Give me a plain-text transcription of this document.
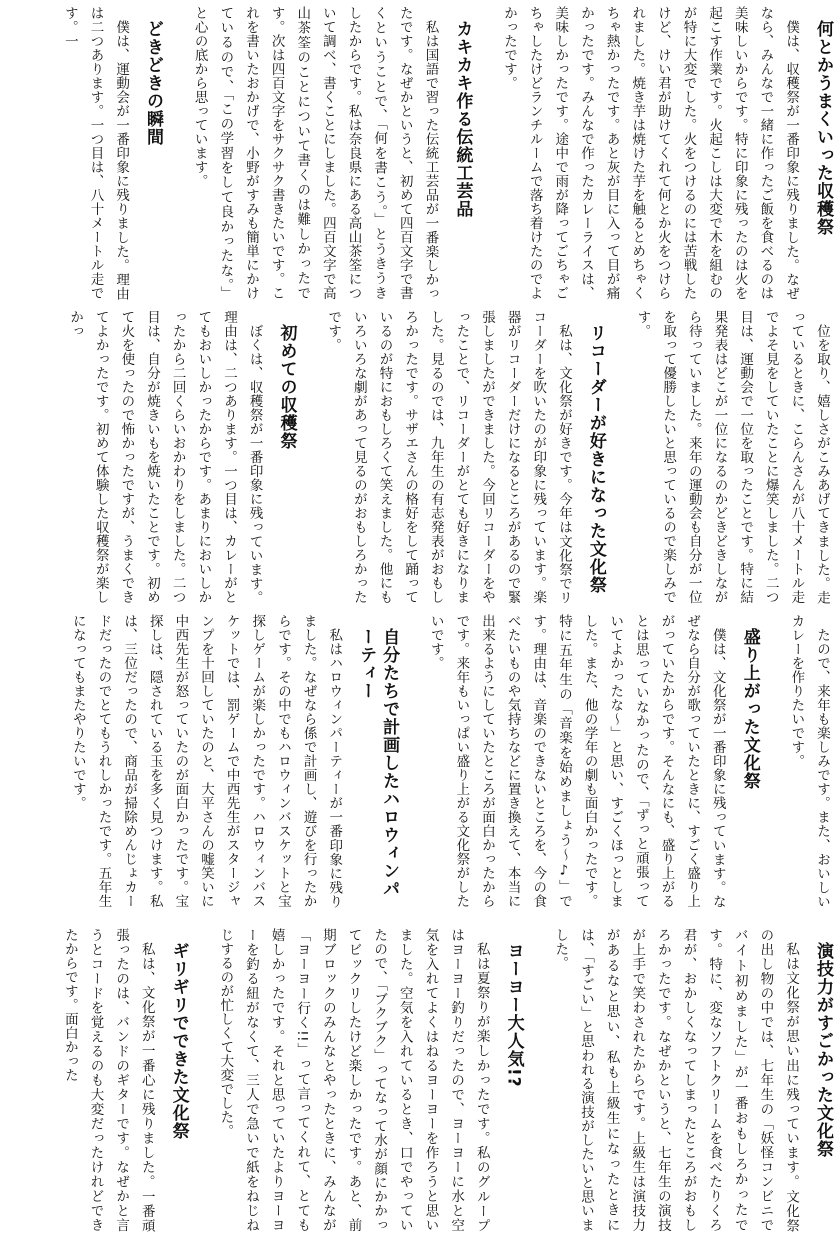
何とかうまくいった収穫祭

僕は、収穫祭が一番印象に残りました。なぜなら、みんなで一緒に作ったご飯を食べるのは美味しいからです。特に印象に残ったのは火を起こす作業です。火起こしは大変で木を組むのが特に大変でした。火をつけるのには苦戦したけど、けい君が助けてくれて何とか火をつけられました。焼き芋は焼けた芋を触るとめちゃくちゃ熱かったです。あと灰が目に入って目が痛かったです。みんなで作ったカレーライスは、美味しかったです。途中で雨が降ってごちゃごちゃしたけどランチルームで落ち着けたのでよかったです。

カキカキ作る伝統工芸品

私は国語で習った伝統工芸品が一番楽しかったです。なぜかというと、初めて四百文字で書くということで、「何を書こう。」とうきうきしたからです。私は奈良県にある高山茶筌について調べ、書くことにしました。四百文字で高山茶筌のことについて書くのは難しかったです。次は四百文字をサクサク書きたいです。これを書いたおかげで、小野がすみも簡単にかけているので、「この学習をして良かったな。」と心の底から思っています。

どきどきの瞬間

僕は、運動会が一番印象に残りました。理由は二つあります。一つ目は、八十メートル走です。一

位を取り、嬉しさがこみあげてきました。走っているときに、こらんさんが八十メートル走でよそ見をしていたことに爆笑しました。二つ目は、運動会で一位を取ったことです。特に結果発表はどこが一位になるのかどきどきしながら待っていました。来年の運動会も自分が一位を取って優勝したいと思っているので楽しみです。

リコーダーが好きになった文化祭

私は、文化祭が好きです。今年は文化祭でリコーダーを吹いたのが印象に残っています。楽器がリコーダーだけになるところがあるので緊張しましたができました。今回リコーダーをやったことで、リコーダーがとても好きになりました。見るのでは、九年生の有志発表がおもしろかったです。サザエさんの格好をして踊っているのが特におもしろくて笑えました。他にもいろいろな劇があって見るのがおもしろかったです。

初めての収穫祭

ぼくは、収穫祭が一番印象に残っています。理由は、二つあります。一つ目は、カレーがとてもおいしかったからです。あまりにおいしかったから二回くらいおかわりをしました。二つ目は、自分が焼きいもを焼いたことです。初めて火を使ったので怖かったですが、うまくできてよかったです。初めて体験した収穫祭が楽しかっ

たので、来年も楽しみです。また、おいしいカレーを作りたいです。

盛り上がった文化祭

僕は、文化祭が一番印象に残っています。なぜなら自分が歌っていたときに、すごく盛り上がっていたからです。そんなにも、盛り上がるとは思っていなかったので、「ずっと頑張っていてよかったな〜」と思い、すごくほっとしました。また、他の学年の劇も面白かったです。特に五年生の「音楽を始めましょう〜♪」です。理由は、音楽のできないところを、今の食べたいものや気持ちなどに置き換えて、本当に出来るようにしていたところが面白かったからです。来年もいっぱい盛り上がる文化祭がしたいです。

自分たちで計画したハロウィンパーティー

私はハロウィンパーティーが一番印象に残りました。なぜなら係で計画し、遊びを行ったからです。その中でもハロウィンバスケットと宝探しゲームが楽しかったです。ハロウィンバスケットでは、罰ゲームで中西先生がスタージャンプを十回していたのと、大平さんの嘘笑いに中西先生が怒っていたのが面白かったです。宝探しは、隠されている玉を多く見つけます。私は、三位だったので、商品が掃除めんじょカードだったのでとてもうれしかったです。五年生になってもまたやりたいです。

演技力がすごかった文化祭

私は文化祭が思い出に残っています。文化祭の出し物の中では、七年生の「妖怪コンビニでバイト初めました」が一番おもしろかったです。特に、変なソフトクリームを食べたりくろ君が、おかしくなってしまったところがおもしろかったです。なぜかというと、七年生の演技が上手で笑わされたからです。上級生は演技力があるなと思い、私も上級生になったときには、「すごい」と思われる演技がしたいと思いました。

ヨーヨー大人気!?

私は夏祭りが楽しかったです。私のグループはヨーヨー釣りだったので、ヨーヨーに水と空気を入れてよくはねるヨーヨーを作ろうと思いました。空気を入れているとき、口でやっていたので、「ブクブク」ってなって水が顔にかかってビックリしたけど楽しかったです。あと、前期ブロックのみんなとやったときに、みんなが「ヨーヨー行く!!」って言ってくれて、とても嬉しかったです。それと思っていたよりヨーヨーを釣る紐がなくて、三人で急いで紙をねじねじするのが忙しくて大変でした。

ギリギリでできた文化祭

私は、文化祭が一番心に残りました。一番頑張ったのは、バンドのギターです。なぜかと言うとコードを覚えるのも大変だったけれどできたからです。面白かった
